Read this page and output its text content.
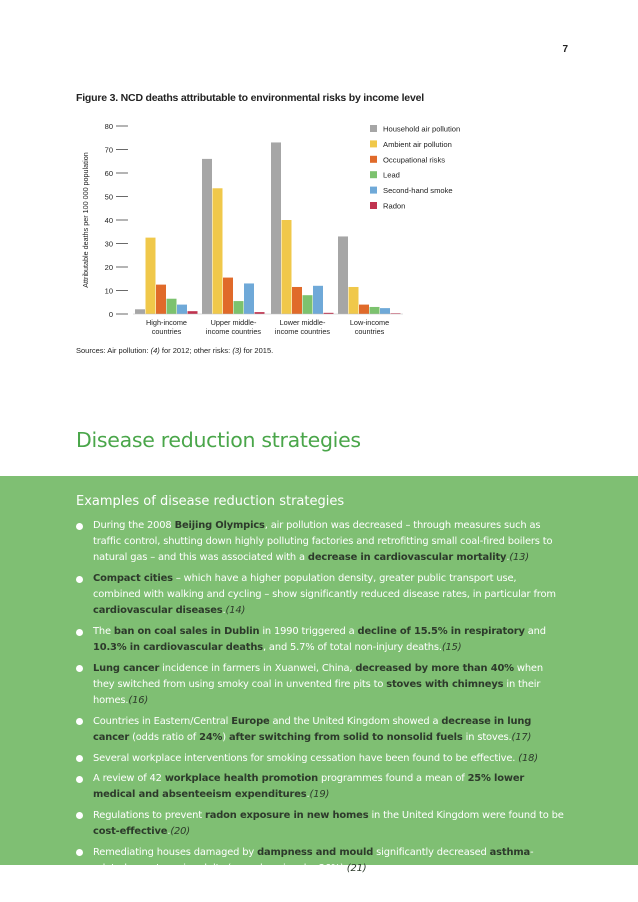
7
Figure 3. NCD deaths attributable to environmental risks by income level
0
10
20
30
40
50
60
70
80
Attributable deaths per 100 000 population
High-income
countries
Upper middle-
income countries
Lower middle-
income countries
Low-income
countries
Household air pollution
Ambient air pollution
Occupational risks
Lead
Second-hand smoke
Radon
Sources: Air pollution: (4) for 2012; other risks: (3) for 2015.
Disease reduction strategies
Examples of disease reduction strategies
During the 2008 Beijing Olympics, air pollution was decreased – through measures such as traffic control, shutting down highly polluting factories and retrofitting small coal-fired boilers to natural gas – and this was associated with a decrease in cardiovascular mortality.(13)
Compact cities – which have a higher population density, greater public transport use, combined with walking and cycling – show significantly reduced disease rates, in particular from cardiovascular diseases.(14)
The ban on coal sales in Dublin in 1990 triggered a decline of 15.5% in respiratory and 10.3% in cardiovascular deaths, and 5.7% of total non-injury deaths.(15)
Lung cancer incidence in farmers in Xuanwei, China, decreased by more than 40% when they switched from using smoky coal in unvented fire pits to stoves with chimneys in their homes.(16)
Countries in Eastern/Central Europe and the United Kingdom showed a decrease in lung cancer (odds ratio of 24%) after switching from solid to nonsolid fuels in stoves.(17)
Several workplace interventions for smoking cessation have been found to be effective. (18)
A review of 42 workplace health promotion programmes found a mean of 25% lower medical and absenteeism expenditures.(19)
Regulations to prevent radon exposure in new homes in the United Kingdom were found to be cost-effective.(20)
Remediating houses damaged by dampness and mould significantly decreased asthma-related symptoms in adults (e.g. wheezing, by 36%).(21)
